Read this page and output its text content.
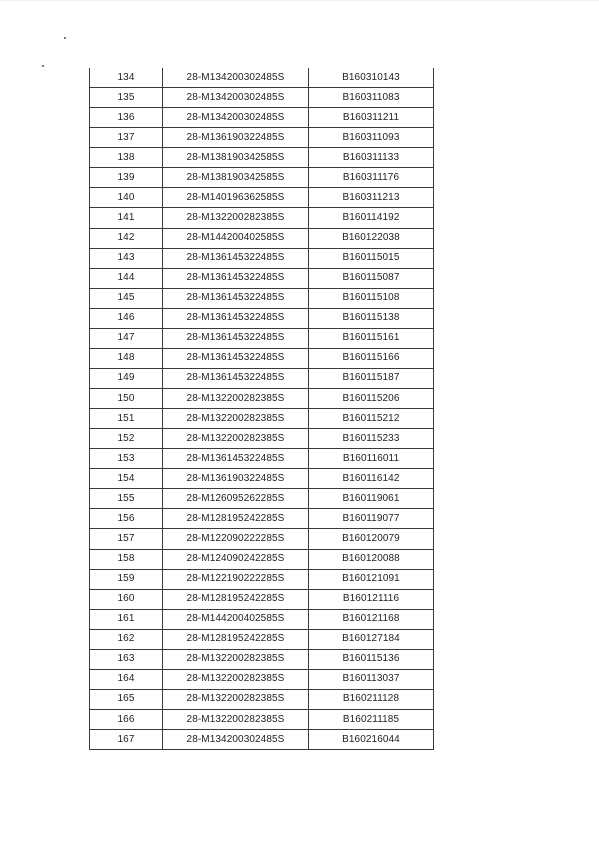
134	28-M134200302485S	B160310143
135	28-M134200302485S	B160311083
136	28-M134200302485S	B160311211
137	28-M136190322485S	B160311093
138	28-M138190342585S	B160311133
139	28-M138190342585S	B160311176
140	28-M140196362585S	B160311213
141	28-M132200282385S	B160114192
142	28-M144200402585S	B160122038
143	28-M136145322485S	B160115015
144	28-M136145322485S	B160115087
145	28-M136145322485S	B160115108
146	28-M136145322485S	B160115138
147	28-M136145322485S	B160115161
148	28-M136145322485S	B160115166
149	28-M136145322485S	B160115187
150	28-M132200282385S	B160115206
151	28-M132200282385S	B160115212
152	28-M132200282385S	B160115233
153	28-M136145322485S	B160116011
154	28-M136190322485S	B160116142
155	28-M126095262285S	B160119061
156	28-M128195242285S	B160119077
157	28-M122090222285S	B160120079
158	28-M124090242285S	B160120088
159	28-M122190222285S	B160121091
160	28-M128195242285S	B160121116
161	28-M144200402585S	B160121168
162	28-M128195242285S	B160127184
163	28-M132200282385S	B160115136
164	28-M132200282385S	B160113037
165	28-M132200282385S	B160211128
166	28-M132200282385S	B160211185
167	28-M134200302485S	B160216044
